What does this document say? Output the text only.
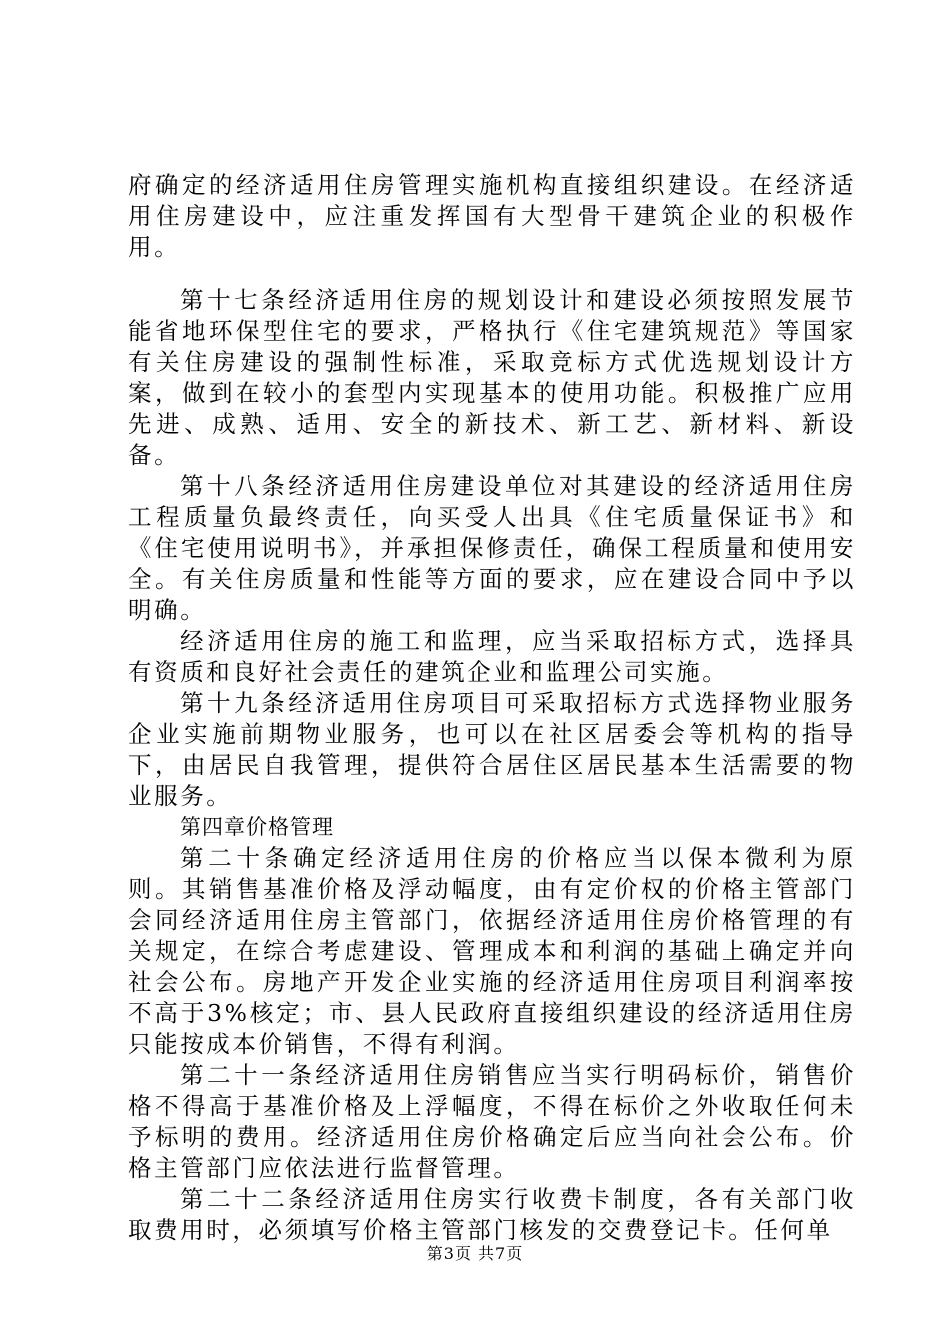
府确定的经济适用住房管理实施机构直接组织建设。在经济适用住房建设中，应注重发挥国有大型骨干建筑企业的积极作用。

第十七条经济适用住房的规划设计和建设必须按照发展节能省地环保型住宅的要求，严格执行《住宅建筑规范》等国家有关住房建设的强制性标准，采取竞标方式优选规划设计方案，做到在较小的套型内实现基本的使用功能。积极推广应用先进、成熟、适用、安全的新技术、新工艺、新材料、新设备。

第十八条经济适用住房建设单位对其建设的经济适用住房工程质量负最终责任，向买受人出具《住宅质量保证书》和《住宅使用说明书》，并承担保修责任，确保工程质量和使用安全。有关住房质量和性能等方面的要求，应在建设合同中予以明确。

经济适用住房的施工和监理，应当采取招标方式，选择具有资质和良好社会责任的建筑企业和监理公司实施。

第十九条经济适用住房项目可采取招标方式选择物业服务企业实施前期物业服务，也可以在社区居委会等机构的指导下，由居民自我管理，提供符合居住区居民基本生活需要的物业服务。

第四章价格管理

第二十条确定经济适用住房的价格应当以保本微利为原则。其销售基准价格及浮动幅度，由有定价权的价格主管部门会同经济适用住房主管部门，依据经济适用住房价格管理的有关规定，在综合考虑建设、管理成本和利润的基础上确定并向社会公布。房地产开发企业实施的经济适用住房项目利润率按不高于3%核定；市、县人民政府直接组织建设的经济适用住房只能按成本价销售，不得有利润。

第二十一条经济适用住房销售应当实行明码标价，销售价格不得高于基准价格及上浮幅度，不得在标价之外收取任何未予标明的费用。经济适用住房价格确定后应当向社会公布。价格主管部门应依法进行监督管理。

第二十二条经济适用住房实行收费卡制度，各有关部门收取费用时，必须填写价格主管部门核发的交费登记卡。任何单

第3页 共7页
